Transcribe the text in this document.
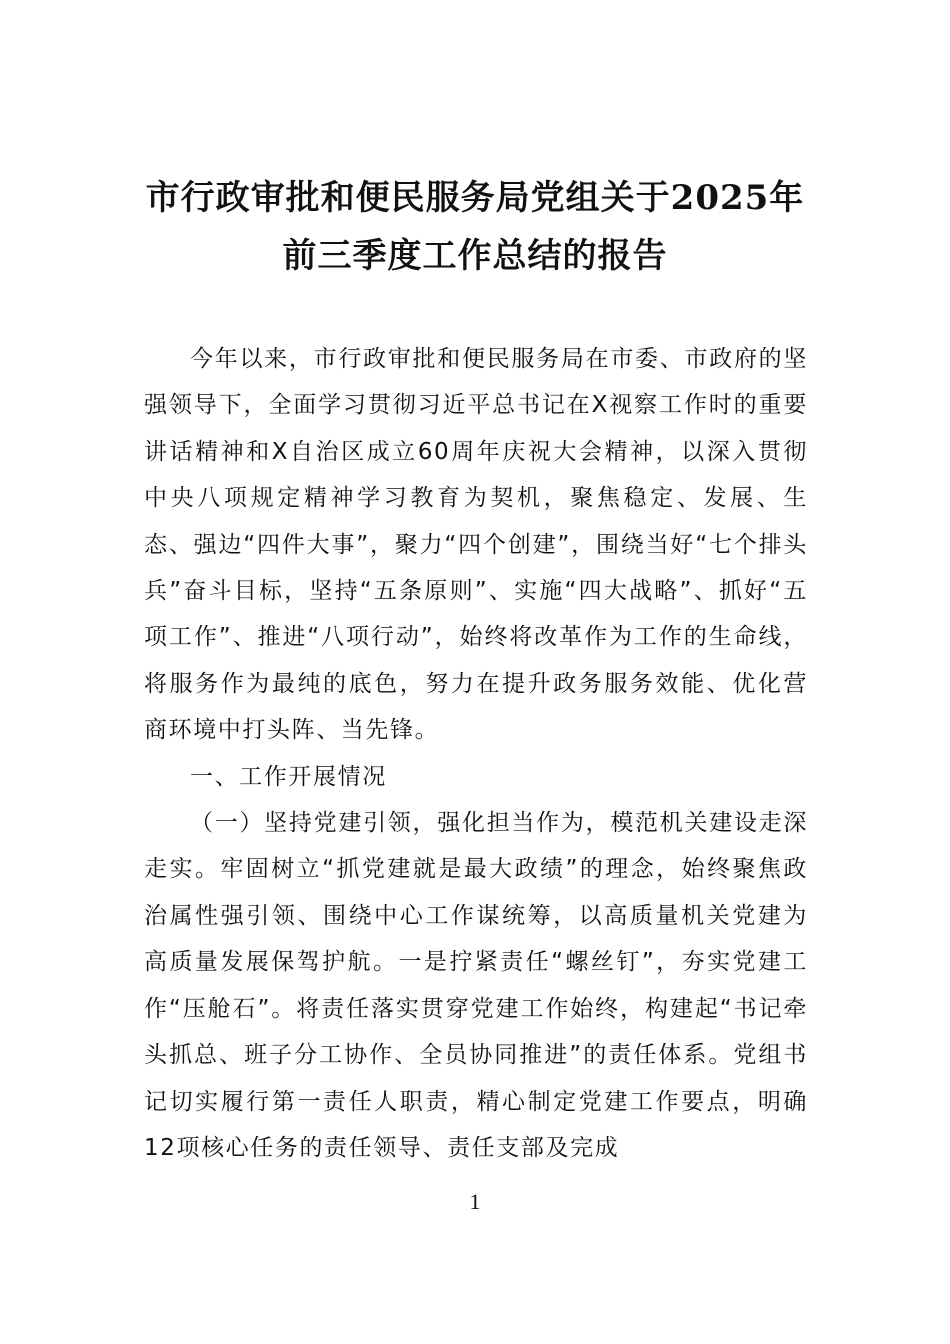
市行政审批和便民服务局党组关于2025年
前三季度工作总结的报告

今年以来，市行政审批和便民服务局在市委、市政府的坚强领导下，全面学习贯彻习近平总书记在X视察工作时的重要讲话精神和X自治区成立60周年庆祝大会精神，以深入贯彻中央八项规定精神学习教育为契机，聚焦稳定、发展、生态、强边“四件大事”，聚力“四个创建”，围绕当好“七个排头兵”奋斗目标，坚持“五条原则”、实施“四大战略”、抓好“五项工作”、推进“八项行动”，始终将改革作为工作的生命线，将服务作为最纯的底色，努力在提升政务服务效能、优化营商环境中打头阵、当先锋。

一、工作开展情况

（一）坚持党建引领，强化担当作为，模范机关建设走深走实。牢固树立“抓党建就是最大政绩”的理念，始终聚焦政治属性强引领、围绕中心工作谋统筹，以高质量机关党建为高质量发展保驾护航。一是拧紧责任“螺丝钉”，夯实党建工作“压舱石”。将责任落实贯穿党建工作始终，构建起“书记牵头抓总、班子分工协作、全员协同推进”的责任体系。党组书记切实履行第一责任人职责，精心制定党建工作要点，明确12项核心任务的责任领导、责任支部及完成

1
